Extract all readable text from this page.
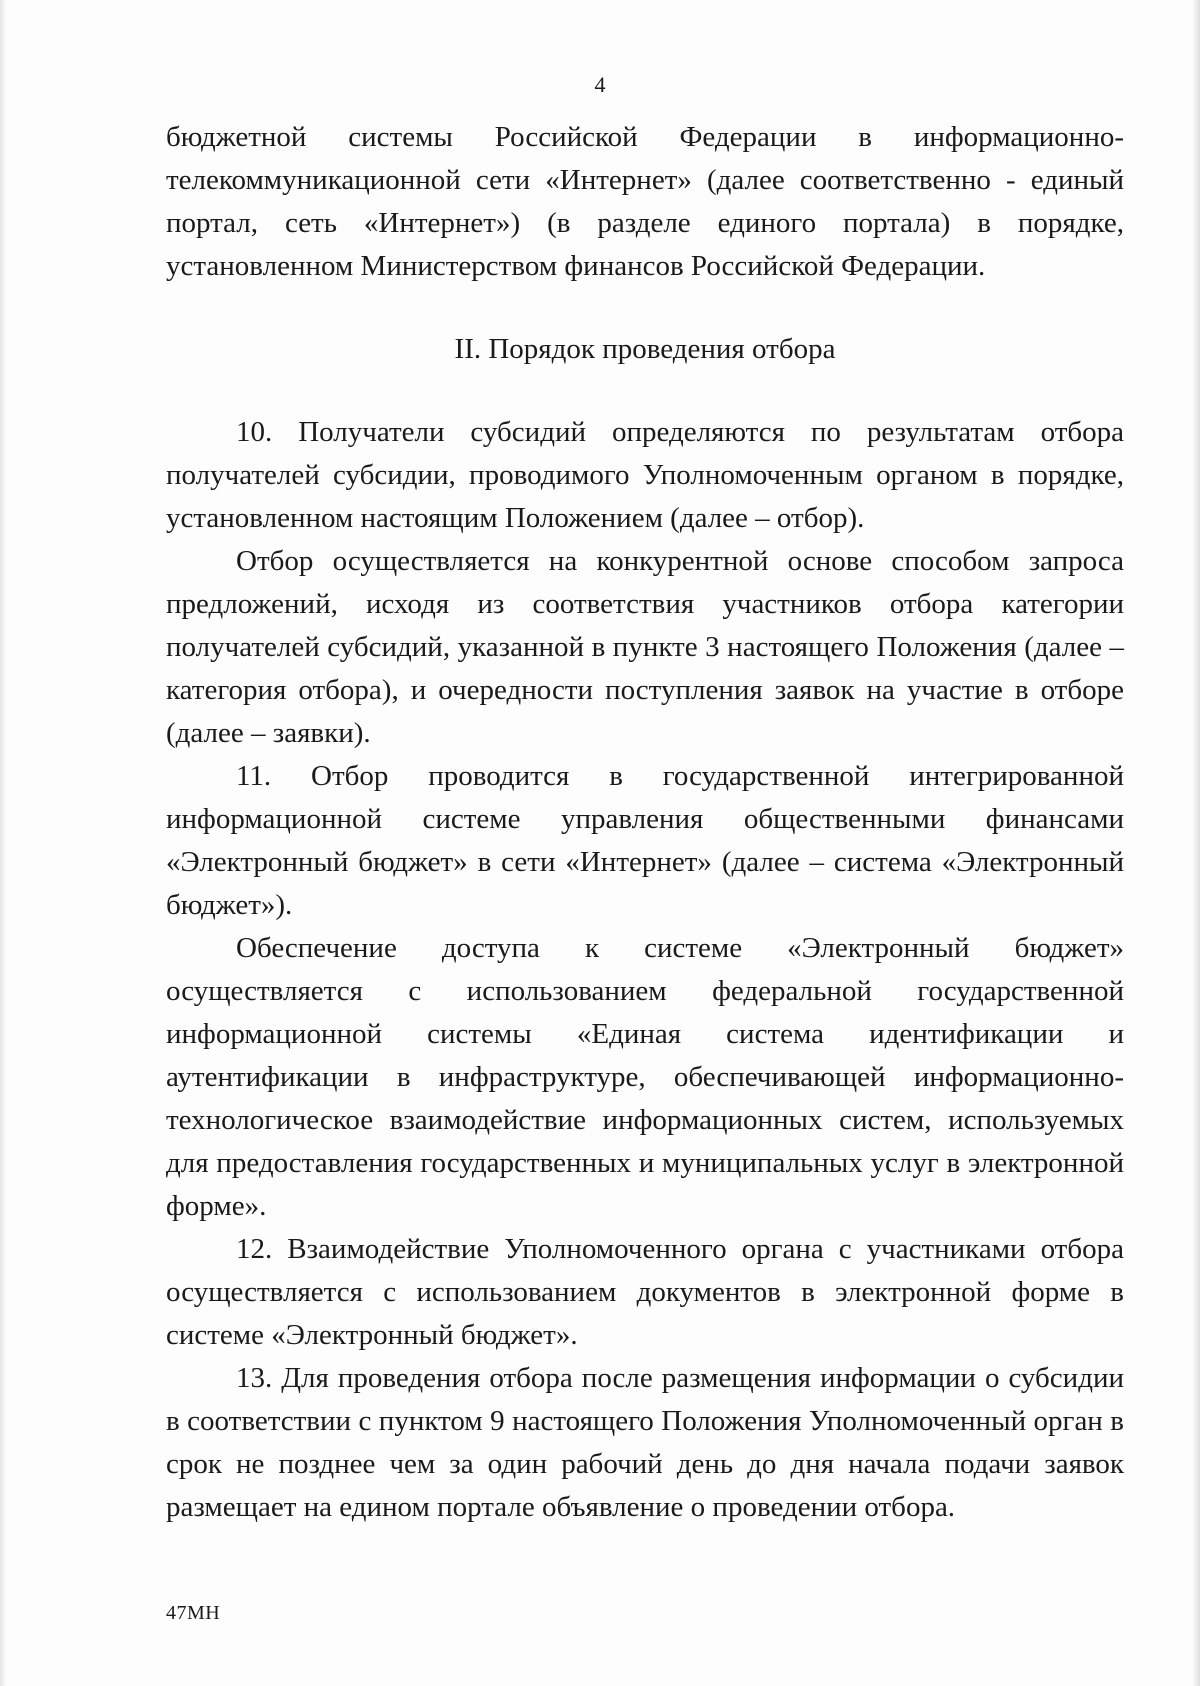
4

бюджетной системы Российской Федерации в информационно-телекоммуникационной сети «Интернет» (далее соответственно - единый портал, сеть «Интернет») (в разделе единого портала) в порядке, установленном Министерством финансов Российской Федерации.

II. Порядок проведения отбора

10. Получатели субсидий определяются по результатам отбора получателей субсидии, проводимого Уполномоченным органом в порядке, установленном настоящим Положением (далее – отбор).

Отбор осуществляется на конкурентной основе способом запроса предложений, исходя из соответствия участников отбора категории получателей субсидий, указанной в пункте 3 настоящего Положения (далее – категория отбора), и очередности поступления заявок на участие в отборе (далее – заявки).

11. Отбор проводится в государственной интегрированной информационной системе управления общественными финансами «Электронный бюджет» в сети «Интернет» (далее – система «Электронный бюджет»).

Обеспечение доступа к системе «Электронный бюджет» осуществляется с использованием федеральной государственной информационной системы «Единая система идентификации и аутентификации в инфраструктуре, обеспечивающей информационно-технологическое взаимодействие информационных систем, используемых для предоставления государственных и муниципальных услуг в электронной форме».

12. Взаимодействие Уполномоченного органа с участниками отбора осуществляется с использованием документов в электронной форме в системе «Электронный бюджет».

13. Для проведения отбора после размещения информации о субсидии в соответствии с пунктом 9 настоящего Положения Уполномоченный орган в срок не позднее чем за один рабочий день до дня начала подачи заявок размещает на едином портале объявление о проведении отбора.

47МН
